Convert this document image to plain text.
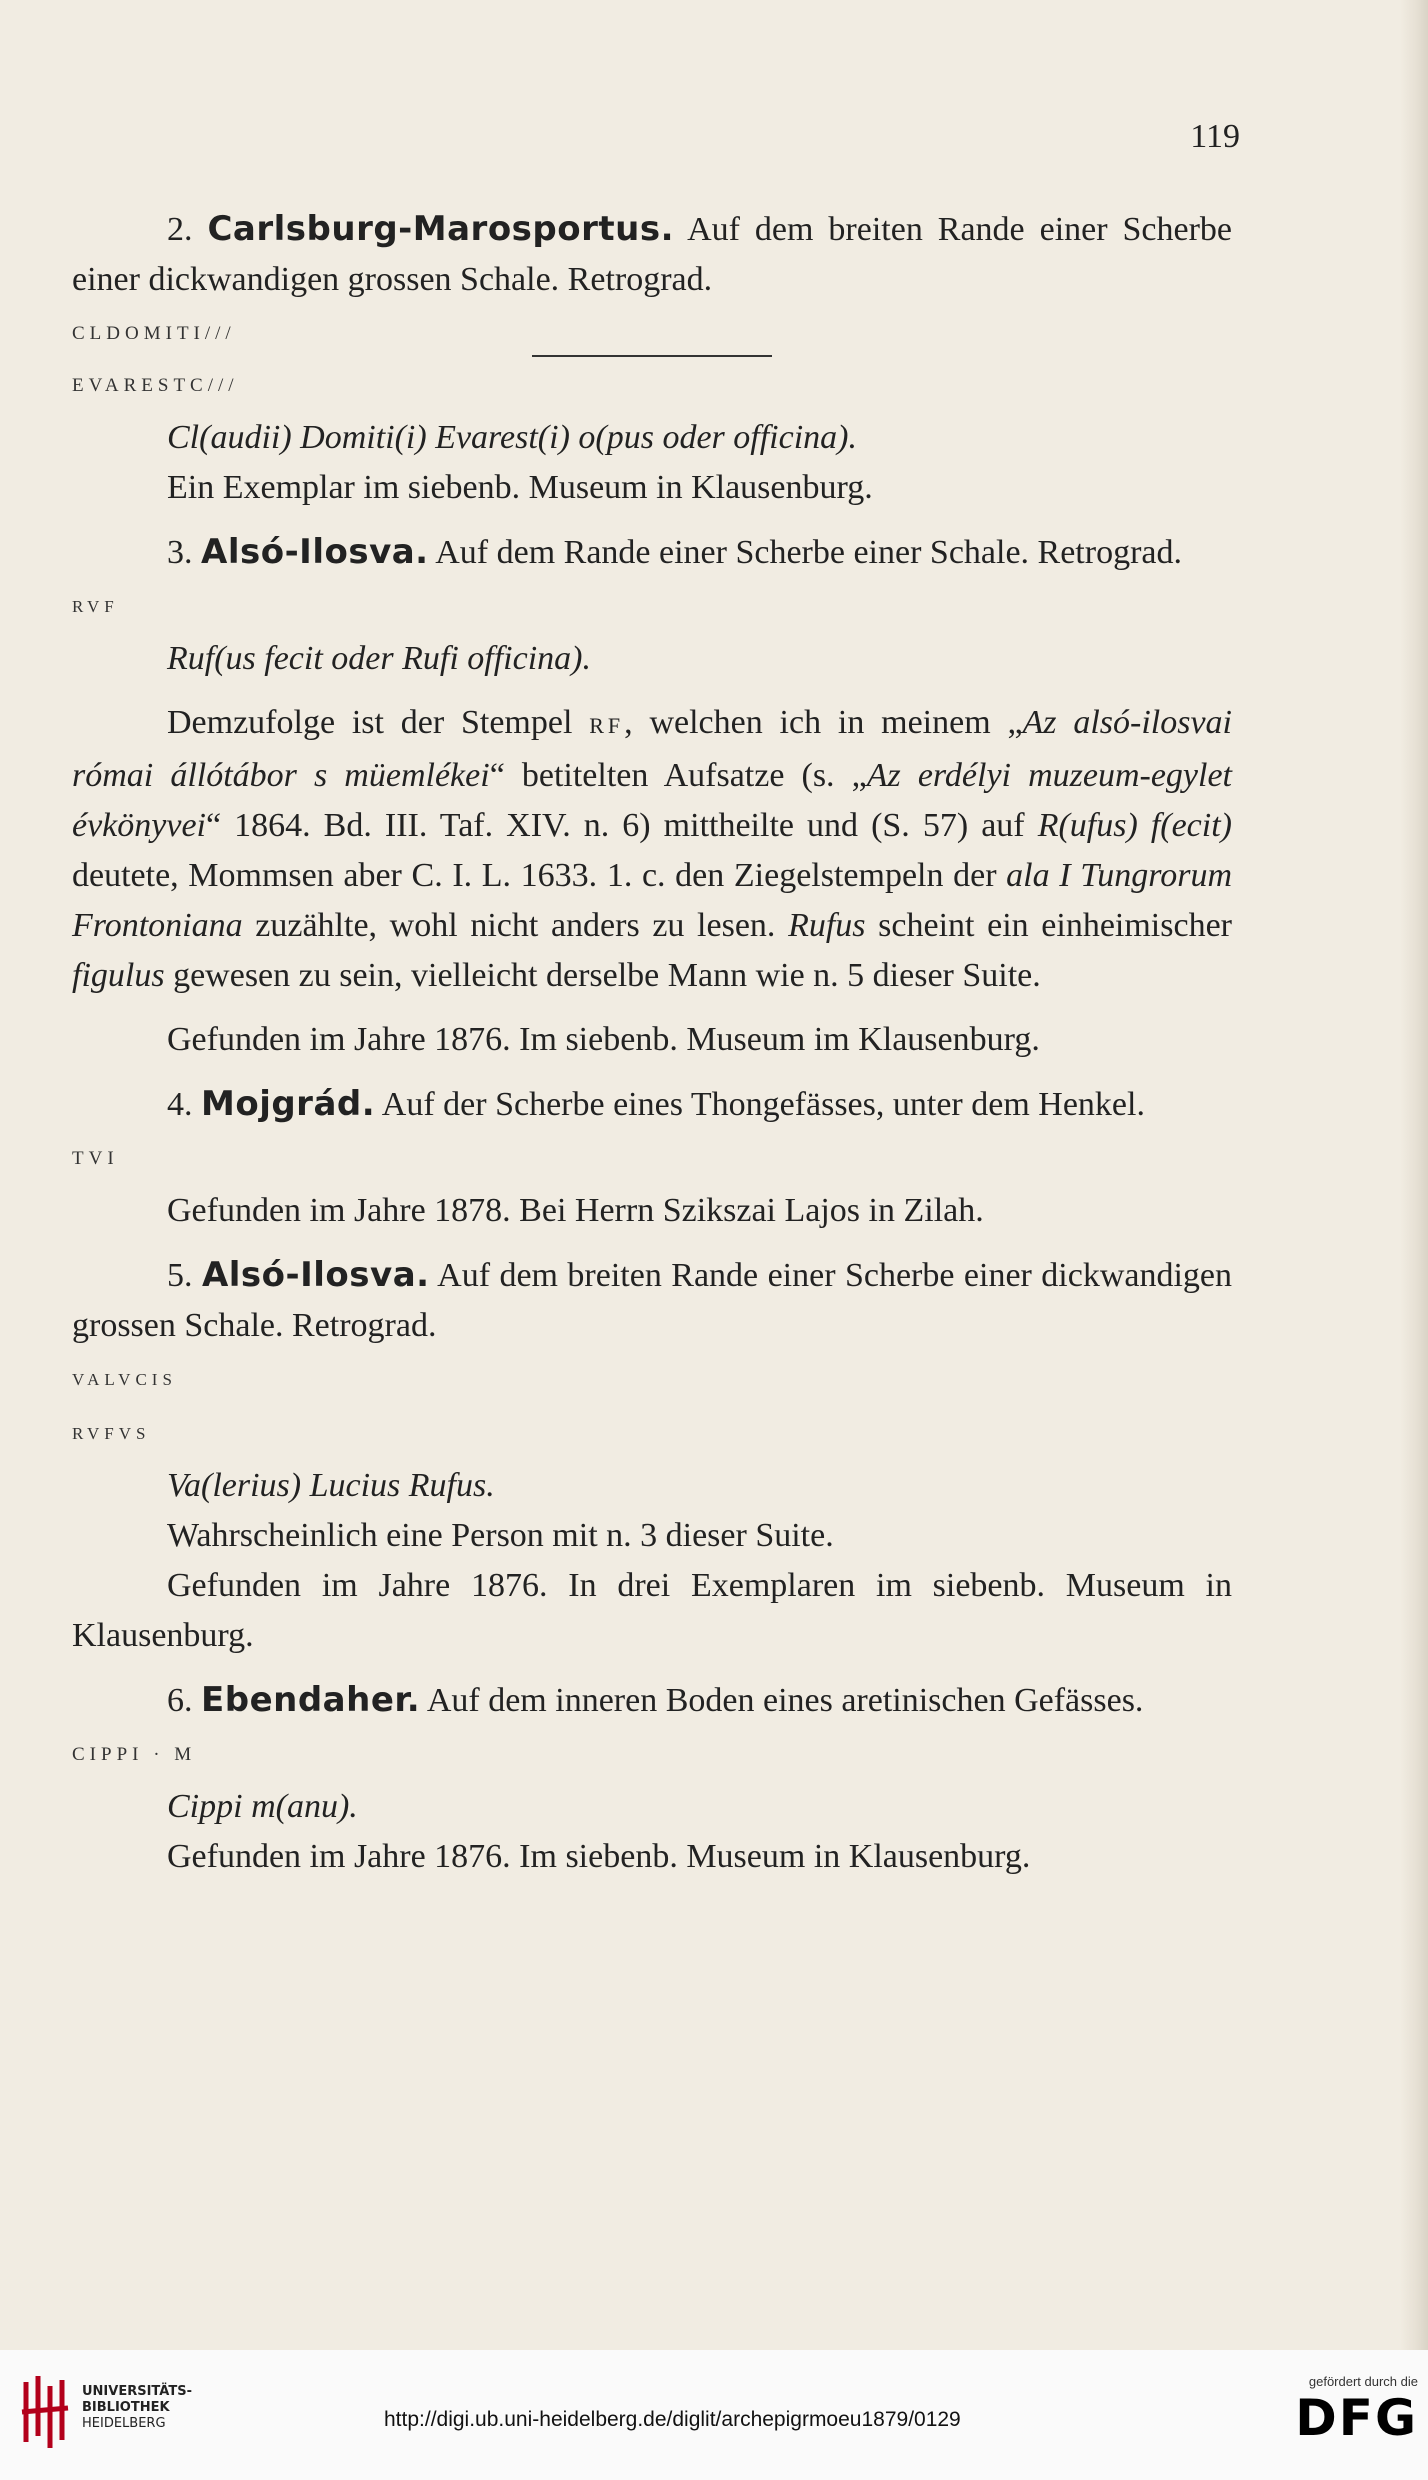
119

2. Carlsburg-Marosportus. Auf dem breiten Rande einer Scherbe einer dickwandigen grossen Schale. Retrograd.

CLDOMITI///

EVARESTC///

Cl(audii) Domiti(i) Evarest(i) o(pus oder officina).

Ein Exemplar im siebenb. Museum in Klausenburg.

3. Alsó-Ilosva. Auf dem Rande einer Scherbe einer Schale. Retrograd.

RVF

Ruf(us fecit oder Rufi officina).

Demzufolge ist der Stempel RF, welchen ich in meinem „Az alsó-ilosvai római állótábor s müemlékei“ betitelten Aufsatze (s. „Az erdélyi muzeum-egylet évkönyvei“ 1864. Bd. III. Taf. XIV. n. 6) mittheilte und (S. 57) auf R(ufus) f(ecit) deutete, Mommsen aber C. I. L. 1633. 1. c. den Ziegelstempeln der ala I Tungrorum Frontoniana zuzählte, wohl nicht anders zu lesen. Rufus scheint ein einheimischer figulus gewesen zu sein, vielleicht derselbe Mann wie n. 5 dieser Suite.

Gefunden im Jahre 1876. Im siebenb. Museum im Klausenburg.

4. Mojgrád. Auf der Scherbe eines Thongefässes, unter dem Henkel.

TVI

Gefunden im Jahre 1878. Bei Herrn Szikszai Lajos in Zilah.

5. Alsó-Ilosva. Auf dem breiten Rande einer Scherbe einer dickwandigen grossen Schale. Retrograd.

VALVCIS

RVFVS

Va(lerius) Lucius Rufus.

Wahrscheinlich eine Person mit n. 3 dieser Suite.

Gefunden im Jahre 1876. In drei Exemplaren im siebenb. Museum in Klausenburg.

6. Ebendaher. Auf dem inneren Boden eines aretinischen Gefässes.

CIPPI · M

Cippi m(anu).

Gefunden im Jahre 1876. Im siebenb. Museum in Klausenburg.

UNIVERSITÄTS-
BIBLIOTHEK
HEIDELBERG	http://digi.ub.uni-heidelberg.de/diglit/archepigrmoeu1879/0129
gefördert durch die
DFG
